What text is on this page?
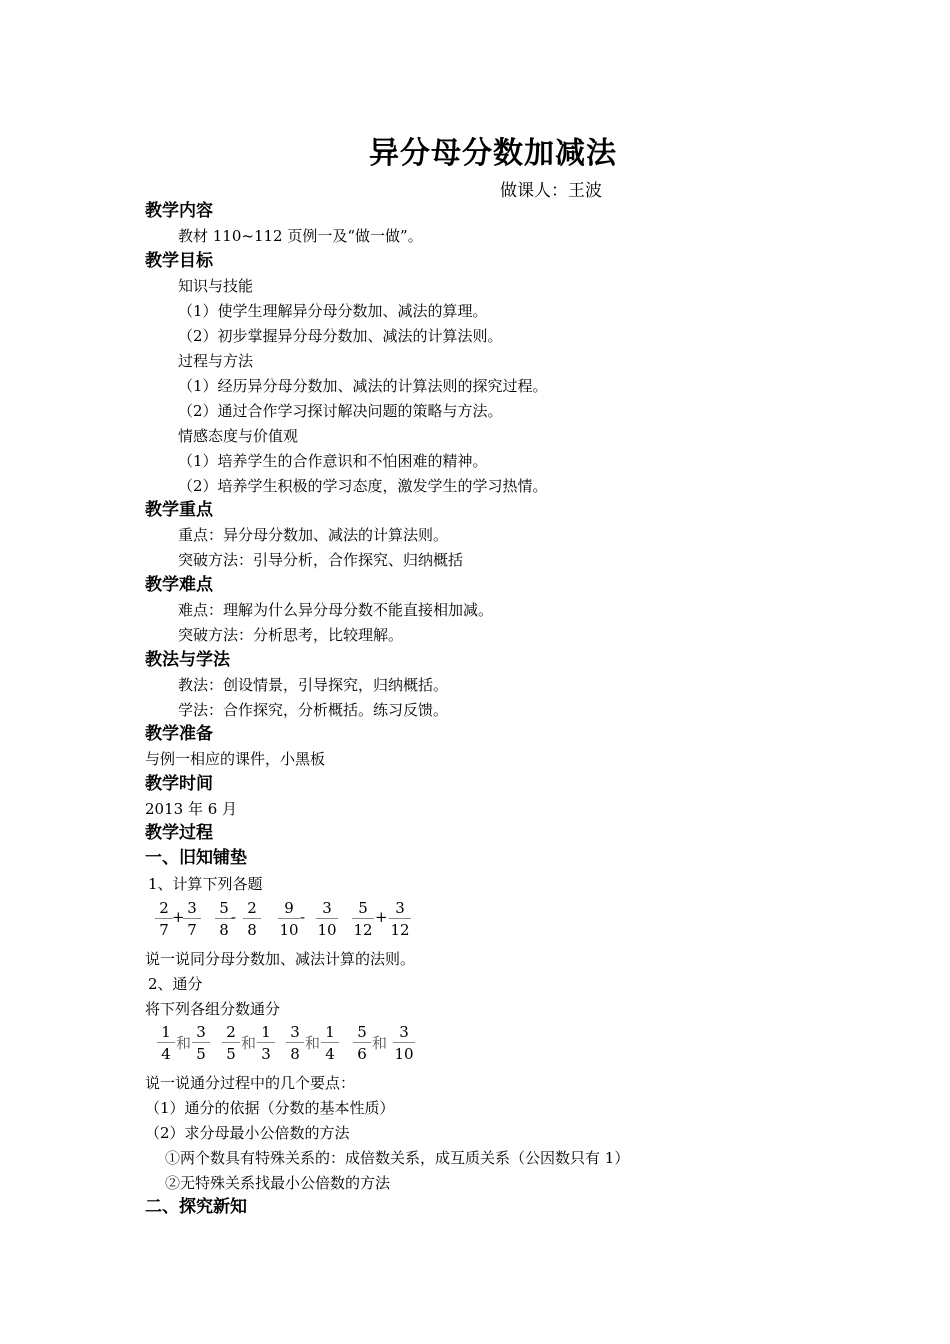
异分母分数加减法
做课人：王波
教学内容
教材 110~112 页例一及“做一做”。
教学目标
知识与技能
（1）使学生理解异分母分数加、减法的算理。
（2）初步掌握异分母分数加、减法的计算法则。
过程与方法
（1）经历异分母分数加、减法的计算法则的探究过程。
（2）通过合作学习探讨解决问题的策略与方法。
情感态度与价值观
（1）培养学生的合作意识和不怕困难的精神。
（2）培养学生积极的学习态度，激发学生的学习热情。
教学重点
重点：异分母分数加、减法的计算法则。
突破方法：引导分析，合作探究、归纳概括
教学难点
难点：理解为什么异分母分数不能直接相加减。
突破方法：分析思考，比较理解。
教法与学法
教法：创设情景，引导探究，归纳概括。
学法：合作探究，分析概括。练习反馈。
教学准备
与例一相应的课件，小黑板
教学时间
2013 年 6 月
教学过程
一、旧知铺垫
1、计算下列各题
$\frac{2}{7}$ +
$\frac{3}{7} \frac{5}{8}$
- $\frac{2}{8} \frac{9}{10} - \frac{3}{10} \frac{5}{12} + \frac{3}{12}$
说一说同分母分数加、减法计算的法则。
2、通分
将下列各组分数通分
$\frac{1}{4}$ 和 $\frac{3}{5} \frac{2}{5}$ 和 $\frac{1}{3} \frac{3}{8}$ 和 $\frac{1}{4} \frac{5}{6}$ 和 $\frac{3}{10}$
说一说通分过程中的几个要点：
（1）通分的依据（分数的基本性质）
（2）求分母最小公倍数的方法
①两个数具有特殊关系的：成倍数关系，成互质关系（公因数只有 1）
②无特殊关系找最小公倍数的方法
二、探究新知
